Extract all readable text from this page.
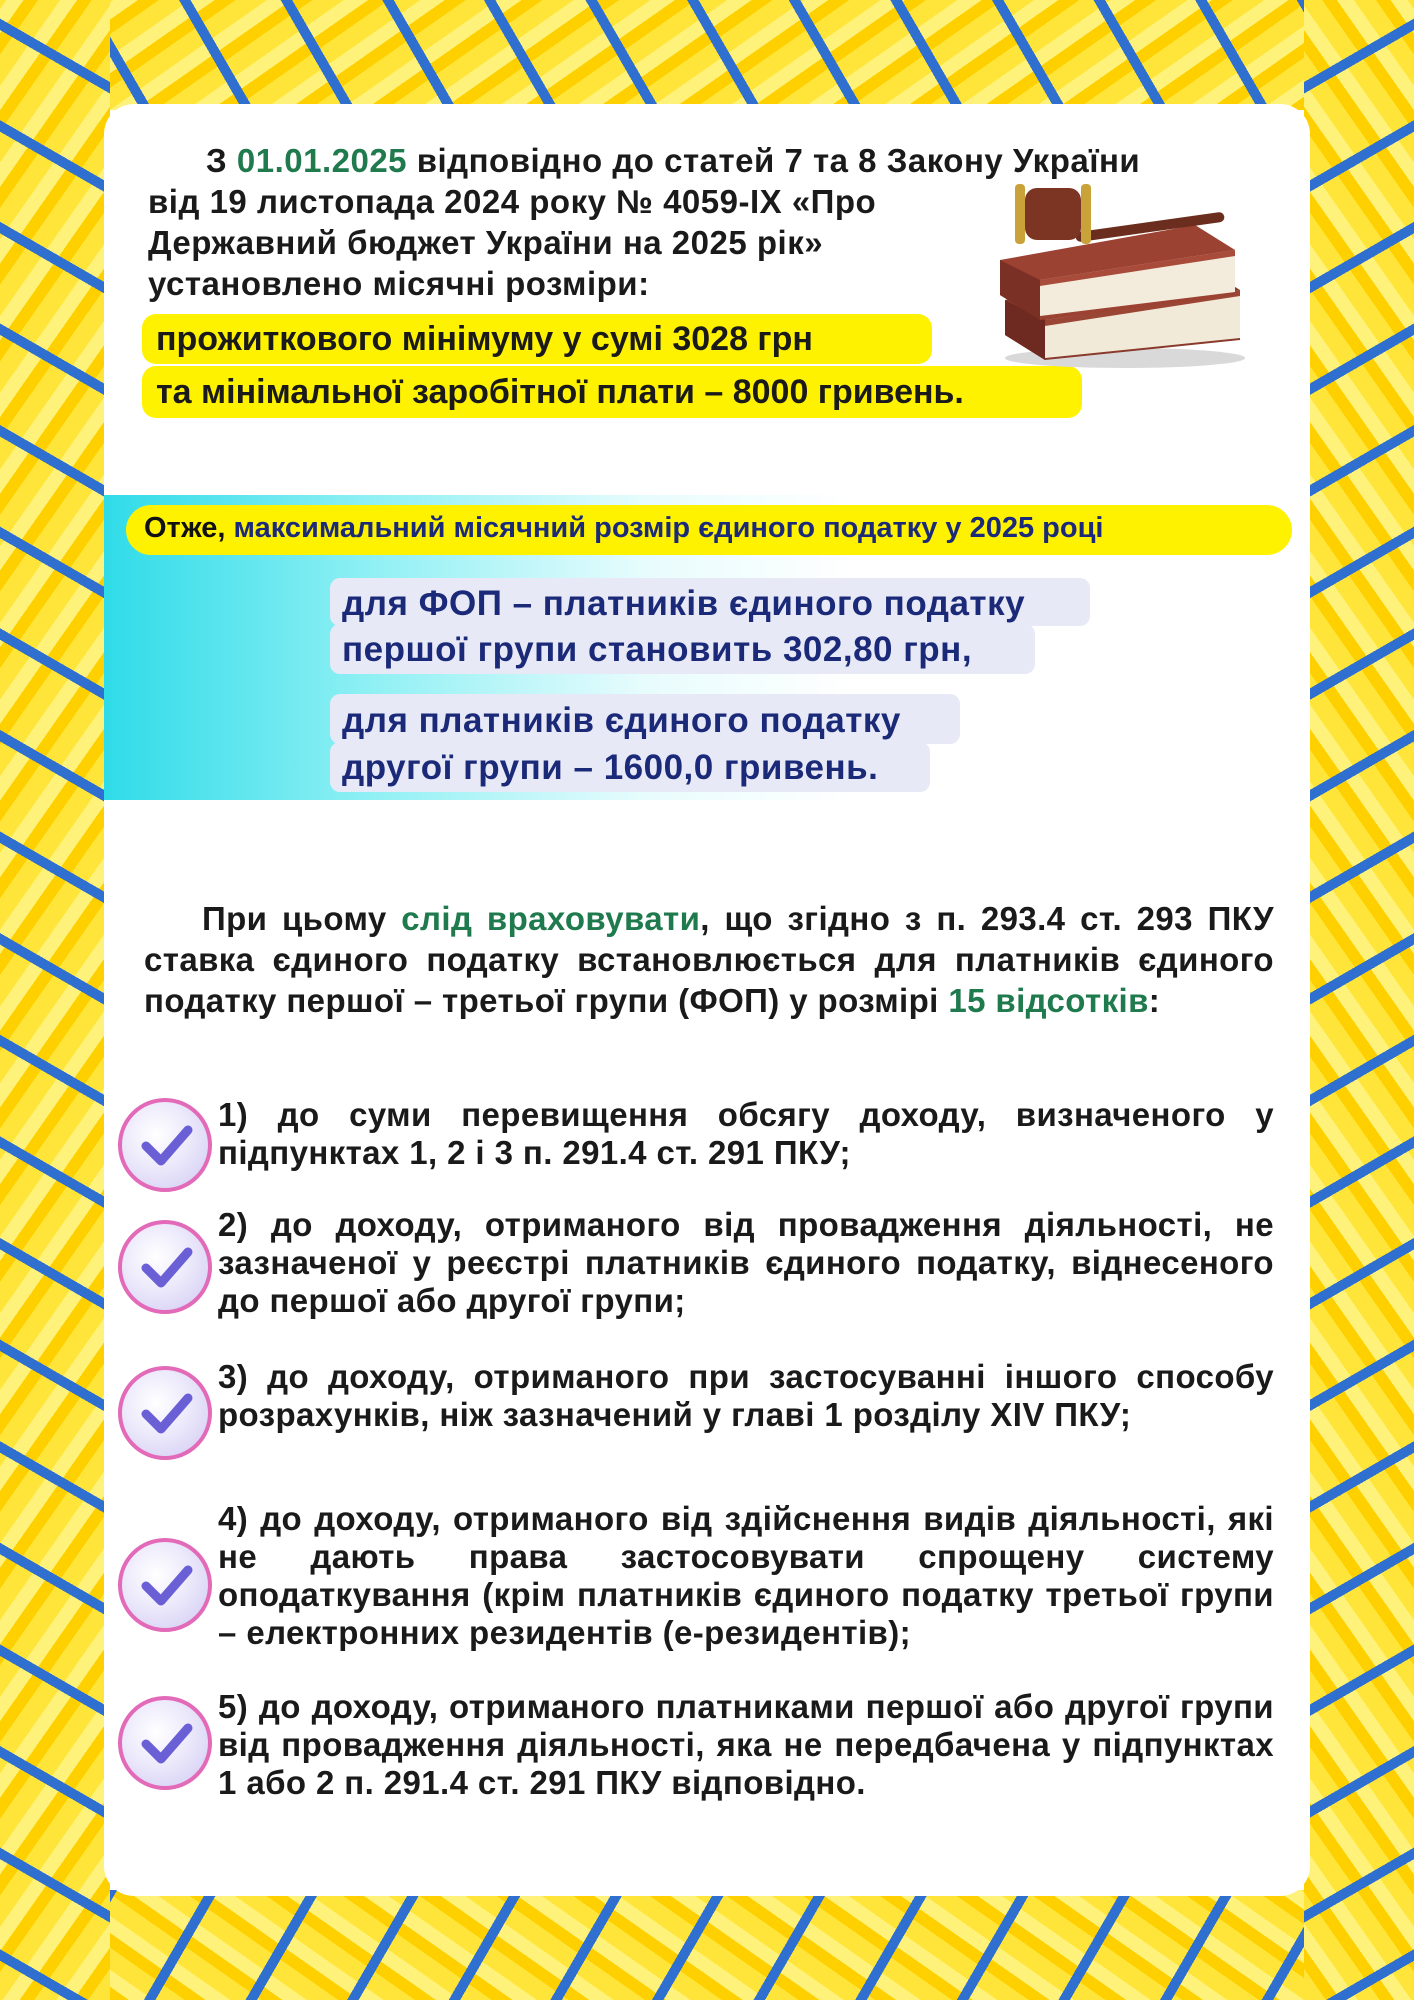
З 01.01.2025 відповідно до статей 7 та 8 Закону України
від 19 листопада 2024 року № 4059-IX «Про
Державний бюджет України на 2025 рік»
установлено місячні розміри:
прожиткового мінімуму у сумі 3028 грн
та мінімальної заробітної плати – 8000 гривень.
Отже, максимальний місячний розмір єдиного податку у 2025 році
для ФОП – платників єдиного податку
першої групи становить 302,80 грн,
для платників єдиного податку
другої групи – 1600,0 гривень.
При цьому слід враховувати, що згідно з п. 293.4 ст. 293 ПКУ ставка єдиного податку встановлюється для платників єдиного податку першої – третьої групи (ФОП) у розмірі 15 відсотків:
1) до суми перевищення обсягу доходу, визначеного у підпунктах 1, 2 і 3 п. 291.4 ст. 291 ПКУ;
2) до доходу, отриманого від провадження діяльності, не зазначеної у реєстрі платників єдиного податку, віднесеного до першої або другої групи;
3) до доходу, отриманого при застосуванні іншого способу розрахунків, ніж зазначений у главі 1 розділу XIV ПКУ;
4) до доходу, отриманого від здійснення видів діяльності, які не дають права застосовувати спрощену систему оподаткування (крім платників єдиного податку третьої групи – електронних резидентів (е-резидентів);
5) до доходу, отриманого платниками першої або другої групи від провадження діяльності, яка не передбачена у підпунктах 1 або 2 п. 291.4 ст. 291 ПКУ відповідно.
